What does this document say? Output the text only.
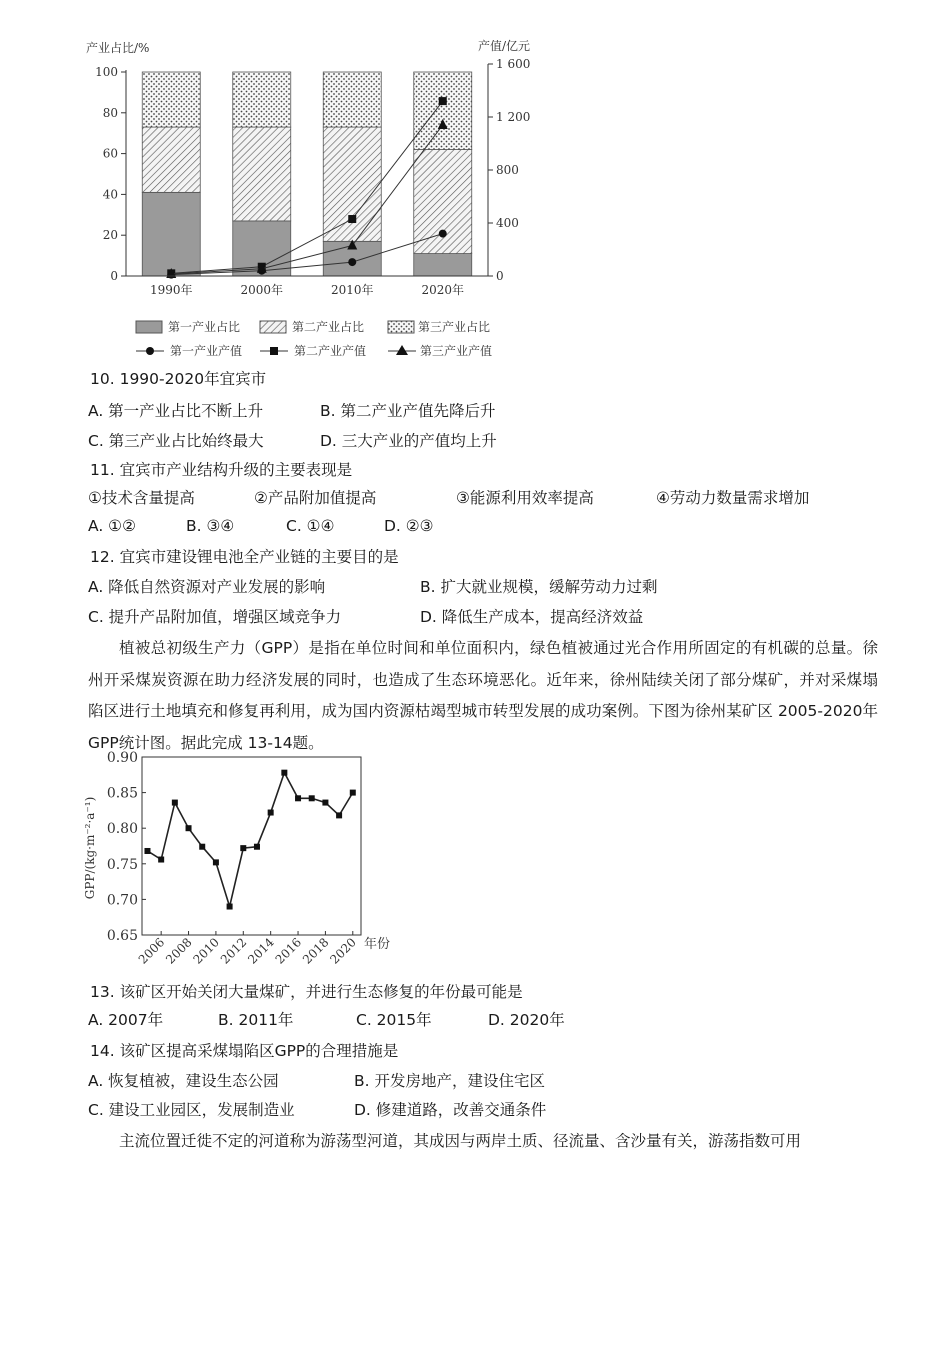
产业占比/%	产值/亿元
0
20
40
60
80
100
0
400
800
1 200
1 600
1990年	2000年	2010年	2020年
第一产业占比	第二产业占比	第三产业占比
第一产业产值	第二产业产值	第三产业产值
10. 1990-2020年宜宾市
A. 第一产业占比不断上升	B. 第二产业产值先降后升
C. 第三产业占比始终最大	D. 三大产业的产值均上升
11. 宜宾市产业结构升级的主要表现是
①技术含量提高	②产品附加值提高	③能源利用效率提高	④劳动力数量需求增加
A. ①②	B. ③④	C. ①④	D. ②③
12. 宜宾市建设锂电池全产业链的主要目的是
A. 降低自然资源对产业发展的影响	B. 扩大就业规模，缓解劳动力过剩
C. 提升产品附加值，增强区域竞争力	D. 降低生产成本，提高经济效益
植被总初级生产力（GPP）是指在单位时间和单位面积内，绿色植被通过光合作用所固定的有机碳的总量。徐州开采煤炭资源在助力经济发展的同时，也造成了生态环境恶化。近年来，徐州陆续关闭了部分煤矿，并对采煤塌陷区进行土地填充和修复再利用，成为国内资源枯竭型城市转型发展的成功案例。下图为徐州某矿区 2005-2020年 GPP统计图。据此完成 13-14题。
GPP/(kg·m⁻²·a⁻¹)
年份
0.65
0.70
0.75
0.80
0.85
0.90
2006
2008
2010
2012
2014
2016
2018
2020
13. 该矿区开始关闭大量煤矿，并进行生态修复的年份最可能是
A. 2007年	B. 2011年	C. 2015年	D. 2020年
14. 该矿区提高采煤塌陷区GPP的合理措施是
A. 恢复植被，建设生态公园	B. 开发房地产，建设住宅区
C. 建设工业园区，发展制造业	D. 修建道路，改善交通条件
主流位置迁徙不定的河道称为游荡型河道，其成因与两岸土质、径流量、含沙量有关，游荡指数可用
